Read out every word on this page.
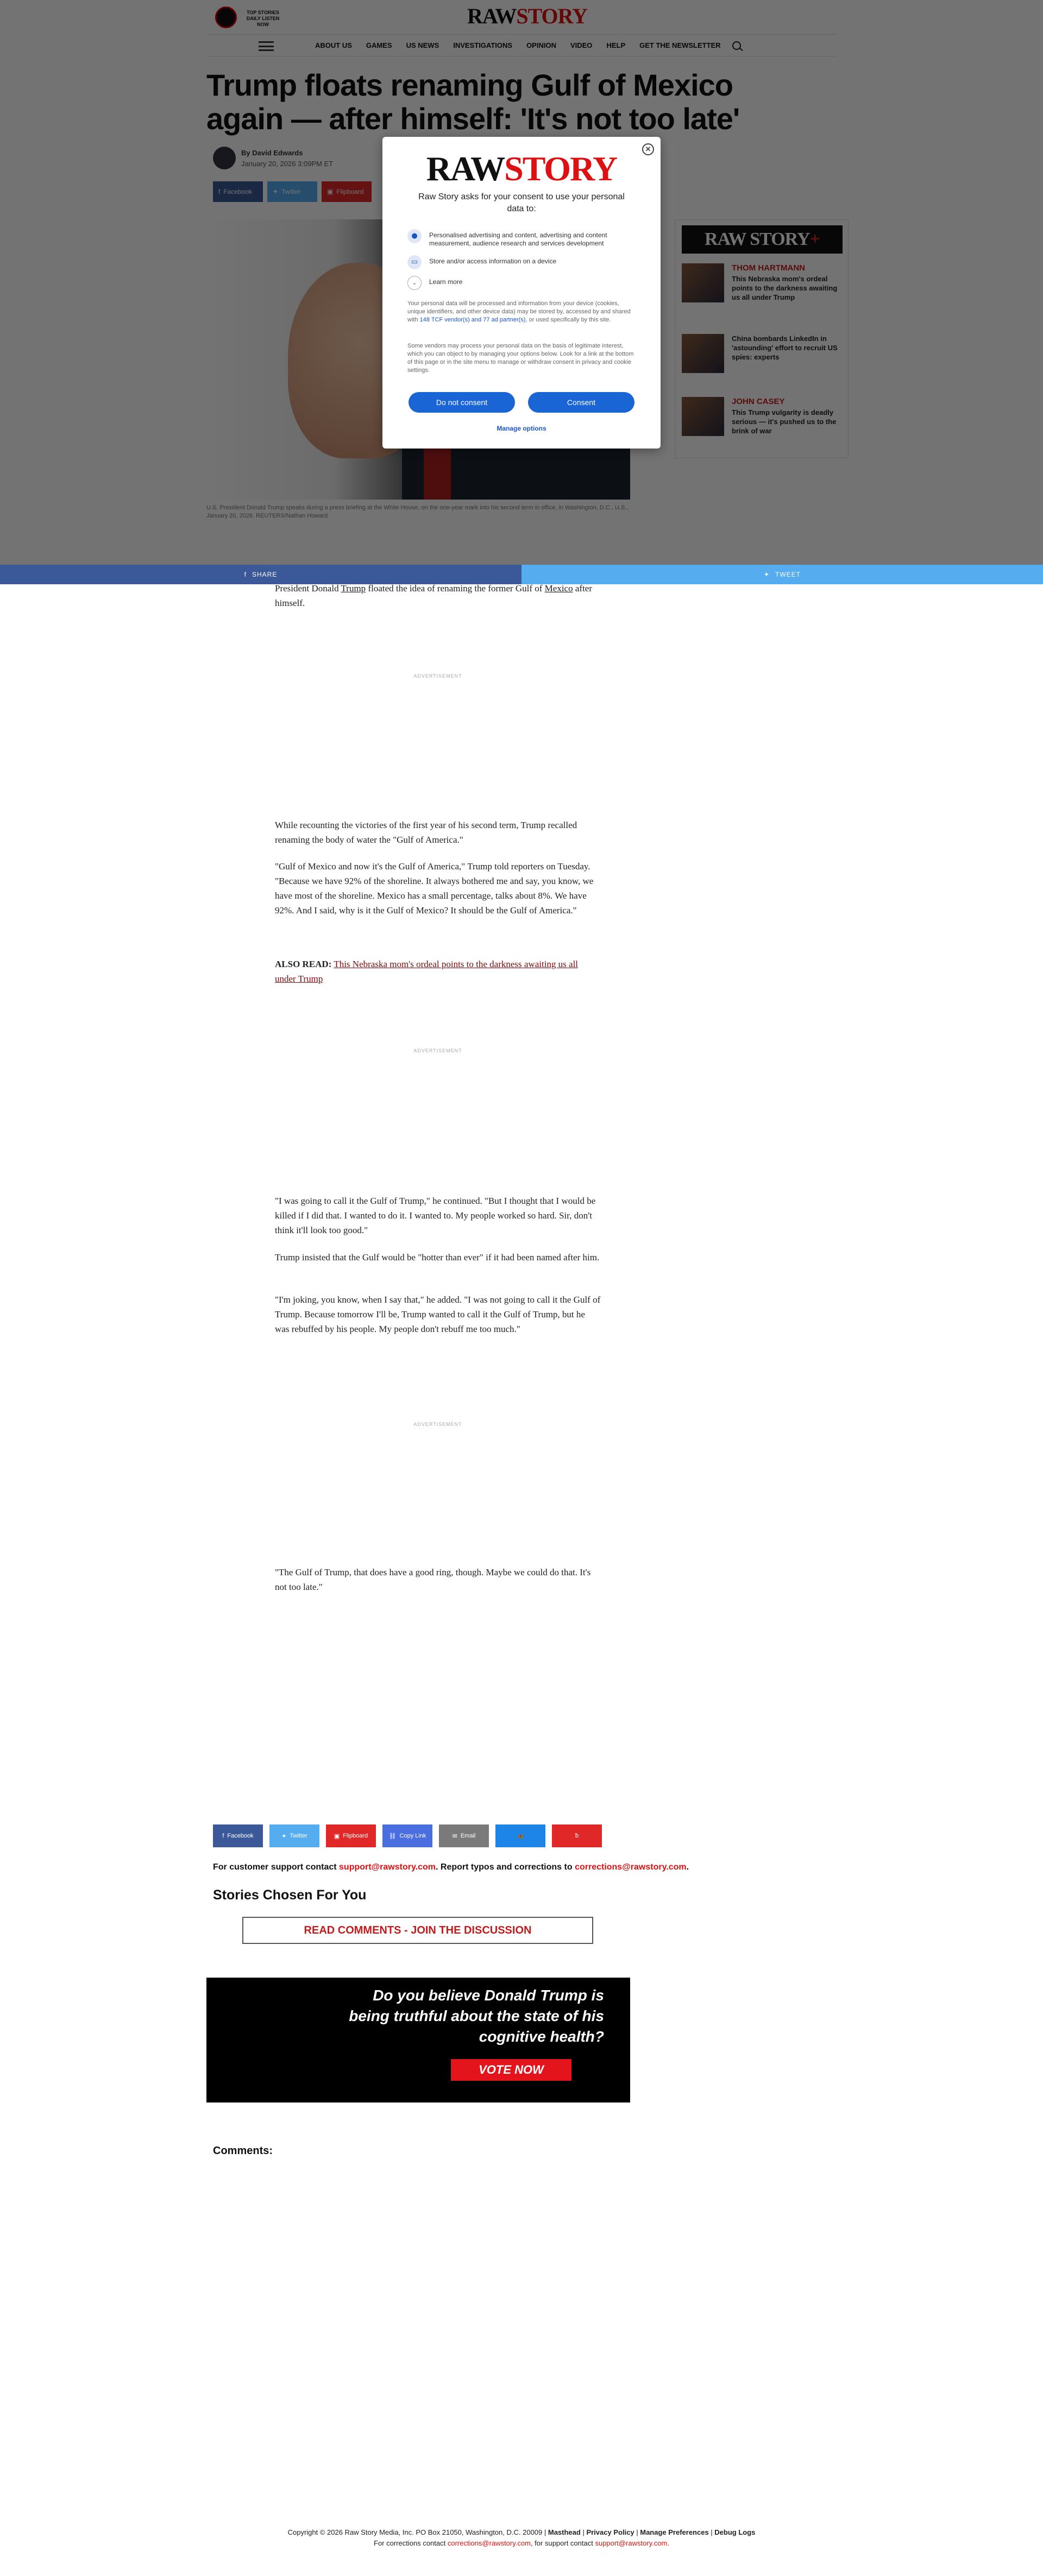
✕
RAWSTORY
Raw Story asks for your consent to use your personal data to:
●	Personalised advertising and content, advertising and content measurement, audience research and services development
▭	Store and/or access information on a device
⌄	Learn more
Your personal data will be processed and information from your device (cookies, unique identifiers, and other device data) may be stored by, accessed by and shared with 148 TCF vendor(s) and 77 ad partner(s), or used specifically by this site.
Some vendors may process your personal data on the basis of legitimate interest, which you can object to by managing your options below. Look for a link at the bottom of this page or in the site menu to manage or withdraw consent in privacy and cookie settings.
Do not consent	Consent
Manage options
f SHARE	✦ TWEET

President Donald Trump floated the idea of renaming the former Gulf of Mexico after himself.

ADVERTISEMENT

While recounting the victories of the first year of his second term, Trump recalled renaming the body of water the "Gulf of America."

"Gulf of Mexico and now it's the Gulf of America," Trump told reporters on Tuesday. "Because we have 92% of the shoreline. It always bothered me and say, you know, we have most of the shoreline. Mexico has a small percentage, talks about 8%. We have 92%. And I said, why is it the Gulf of Mexico? It should be the Gulf of America."

ALSO READ: This Nebraska mom's ordeal points to the darkness awaiting us all under Trump

ADVERTISEMENT

"I was going to call it the Gulf of Trump," he continued. "But I thought that I would be killed if I did that. I wanted to do it. I wanted to. My people worked so hard. Sir, don't think it'll look too good."

Trump insisted that the Gulf would be "hotter than ever" if it had been named after him.

"I'm joking, you know, when I say that," he added. "I was not going to call it the Gulf of Trump. Because tomorrow I'll be, Trump wanted to call it the Gulf of Trump, but he was rebuffed by his people. My people don't rebuff me too much."

ADVERTISEMENT

"The Gulf of Trump, that does have a good ring, though. Maybe we could do that. It's not too late."

f Facebook	✦ Twitter	▣ Flipboard	⛓ Copy Link	✉ Email	🦋	ᵬ
For customer support contact support@rawstory.com. Report typos and corrections to corrections@rawstory.com.
Stories Chosen For You
READ COMMENTS - JOIN THE DISCUSSION
Do you believe Donald Trump is being truthful about the state of his cognitive health?
VOTE NOW
Comments:
Copyright © 2026 Raw Story Media, Inc. PO Box 21050, Washington, D.C. 20009 | Masthead | Privacy Policy | Manage Preferences | Debug Logs
For corrections contact corrections@rawstory.com, for support contact support@rawstory.com.
